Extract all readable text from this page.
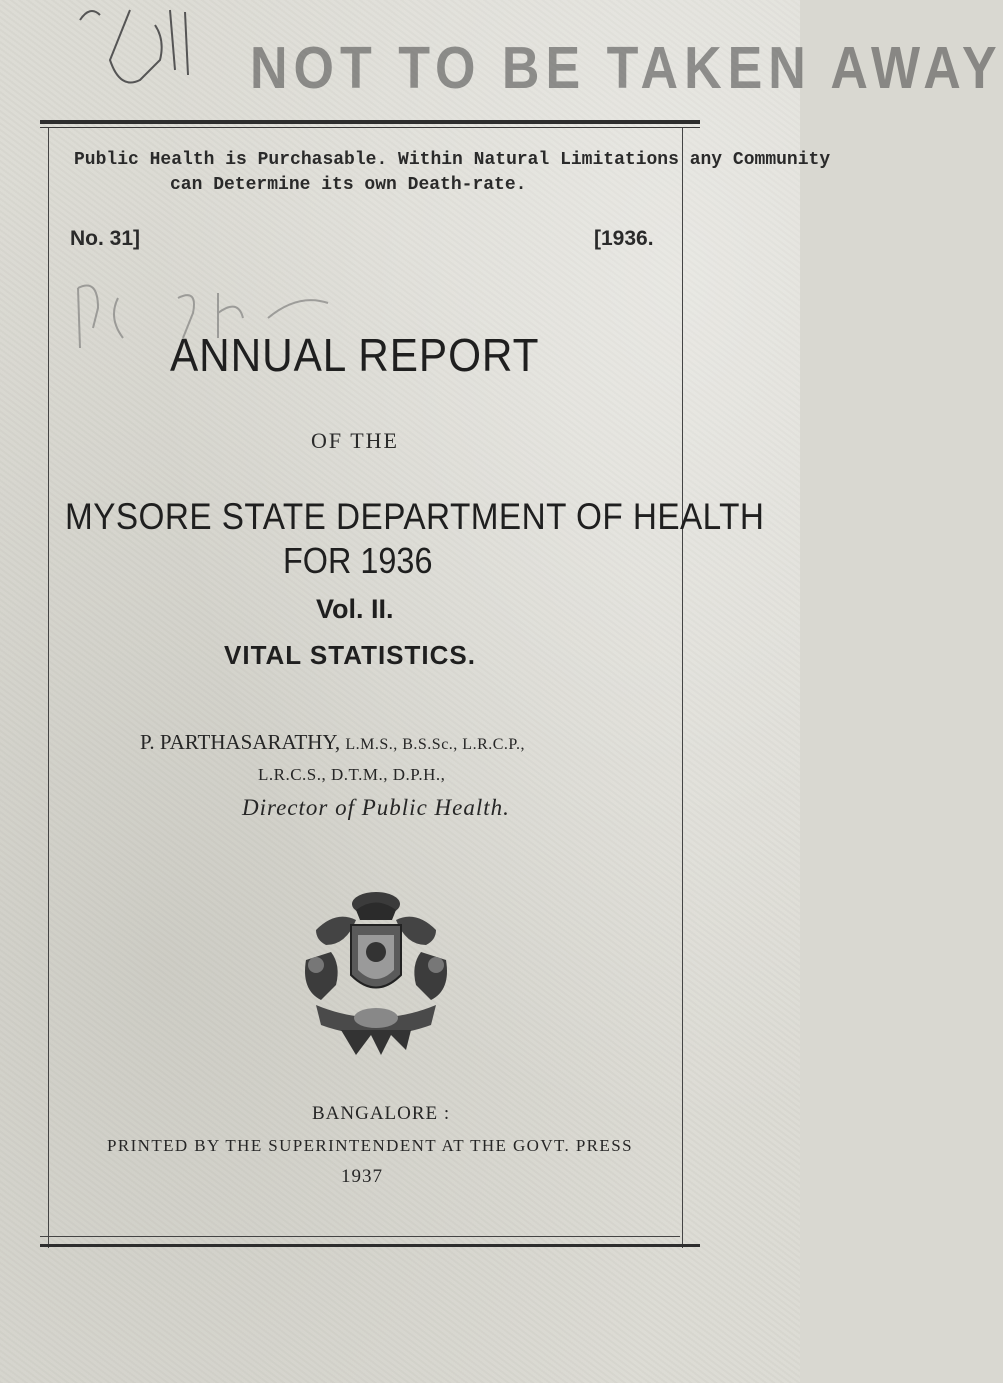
NOT TO BE TAKEN AWAY
Public Health is Purchasable. Within Natural Limitations any Community
can Determine its own Death-rate.
No. 31]	[1936.
ANNUAL REPORT
OF THE
MYSORE STATE DEPARTMENT OF HEALTH
FOR 1936
Vol. II.
VITAL STATISTICS.
P. PARTHASARATHY, L.M.S., B.S.Sc., L.R.C.P.,
L.R.C.S., D.T.M., D.P.H.,
Director of Public Health.
BANGALORE :
PRINTED BY THE SUPERINTENDENT AT THE GOVT. PRESS
1937
